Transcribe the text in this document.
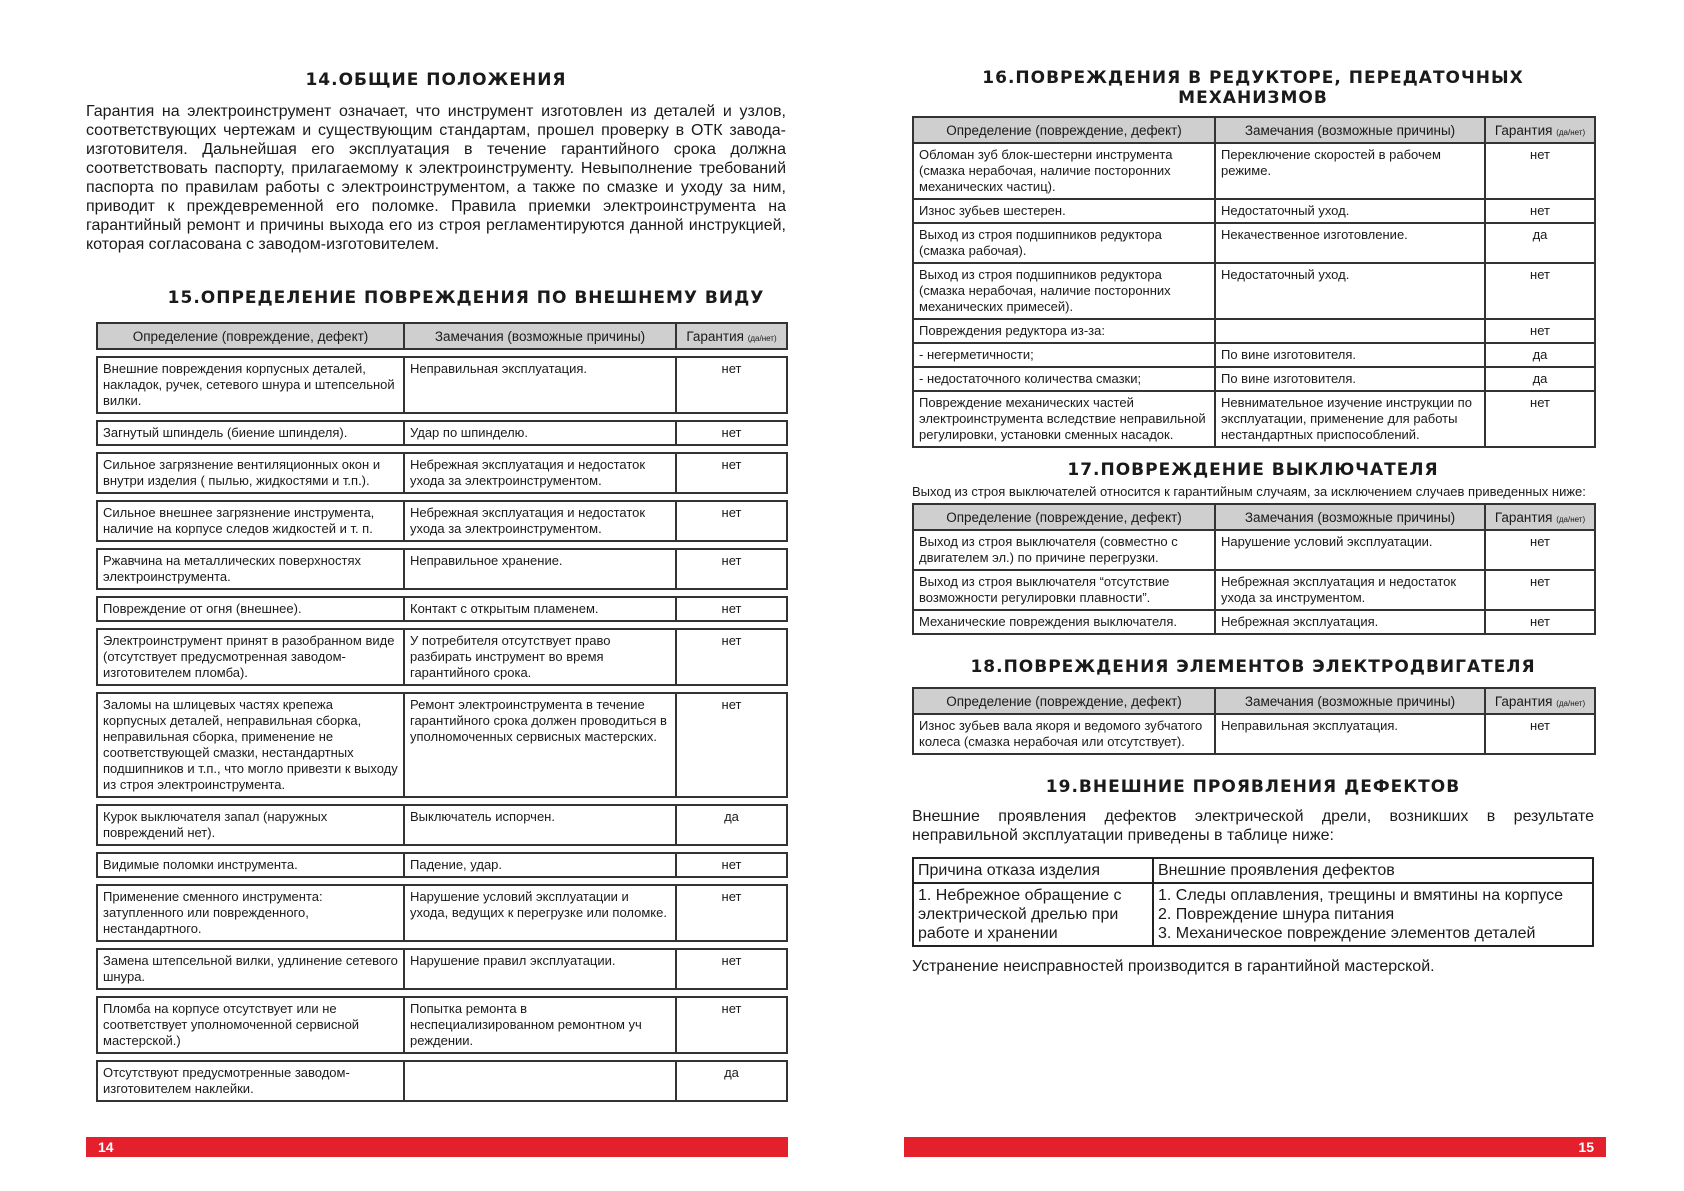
14.ОБЩИЕ ПОЛОЖЕНИЯ

Гарантия на электроинструмент означает, что инструмент изготовлен из деталей и узлов, соответствующих чертежам и существующим стандартам, прошел проверку в ОТК завода-изготовителя. Дальнейшая его эксплуатация в течение гарантийного срока должна соответствовать паспорту, прилагаемому к электроинструменту. Невыполнение требований паспорта по правилам работы с электроинструментом, а также по смазке и уходу за ним, приводит к преждевременной его поломке. Правила приемки электроинструмента на гарантийный ремонт и причины выхода его из строя регламентируются данной инструкцией, которая согласована с заводом-изготовителем.

15.ОПРЕДЕЛЕНИЕ ПОВРЕЖДЕНИЯ ПО ВНЕШНЕМУ ВИДУ
Определение (повреждение, дефект)	Замечания (возможные причины)	Гарантия (да/нет)

Внешние повреждения корпусных деталей, накладок, ручек, сетевого шнура и штепсельной вилки.	Неправильная эксплуатация.	нет

Загнутый шпиндель (биение шпинделя).	Удар по шпинделю.	нет

Сильное загрязнение вентиляционных окон и внутри изделия ( пылью, жидкостями и т.п.).	Небрежная эксплуатация и недостаток ухода за электроинструментом.	нет

Сильное внешнее загрязнение инструмента, наличие на корпусе следов жидкостей и т. п.	Небрежная эксплуатация и недостаток ухода за электроинструментом.	нет

Ржавчина на металлических поверхностях электроинструмента.	Неправильное хранение.	нет

Повреждение от огня (внешнее).	Контакт с открытым пламенем.	нет

Электроинструмент принят в разобранном виде (отсутствует предусмотренная заводом-изготовителем пломба).	У потребителя отсутствует право разбирать инструмент во время гарантийного срока.	нет

Заломы на шлицевых частях крепежа корпусных деталей, неправильная сборка, неправильная сборка, применение не соответствующей смазки, нестандартных подшипников и т.п., что могло привезти к выходу из строя электроинструмента.	Ремонт электроинструмента в течение гарантийного срока должен проводиться в уполномоченных сервисных мастерских.	нет

Курок выключателя запал (наружных повреждений нет).	Выключатель испорчен.	да

Видимые поломки инструмента.	Падение, удар.	нет

Применение сменного инструмента: затупленного или поврежденного, нестандартного.	Нарушение условий эксплуатации и ухода, ведущих к перегрузке или поломке.	нет

Замена штепсельной вилки, удлинение сетевого шнура.	Нарушение правил эксплуатации.	нет

Пломба на корпусе отсутствует или не соответствует уполномоченной сервисной мастерской.)	Попытка ремонта в неспециализированном ремонтном уч реждении.	нет

Отсутствуют предусмотренные заводом-изготовителем наклейки.		да
16.ПОВРЕЖДЕНИЯ В РЕДУКТОРЕ, ПЕРЕДАТОЧНЫХ МЕХАНИЗМОВ
Определение (повреждение, дефект)	Замечания (возможные причины)	Гарантия (да/нет)
Обломан зуб блок-шестерни инструмента (смазка нерабочая, наличие посторонних механических частиц).	Переключение скоростей в рабочем режиме.	нет
Износ зубьев шестерен.	Недостаточный уход.	нет
Выход из строя подшипников редуктора (смазка рабочая).	Некачественное изготовление.	да
Выход из строя подшипников редуктора (смазка нерабочая, наличие посторонних механических примесей).	Недостаточный уход.	нет
Повреждения редуктора из-за:		нет
- негерметичности;	По вине изготовителя.	да
- недостаточного количества смазки;	По вине изготовителя.	да
Повреждение механических частей электроинструмента вследствие неправильной регулировки, установки сменных насадок.	Невнимательное изучение инструкции по эксплуатации, применение для работы нестандартных приспособлений.	нет
17.ПОВРЕЖДЕНИЕ ВЫКЛЮЧАТЕЛЯ

Выход из строя выключателей относится к гарантийным случаям, за исключением случаев приведенных ниже:

Определение (повреждение, дефект)	Замечания (возможные причины)	Гарантия (да/нет)
Выход из строя выключателя (совместно с двигателем эл.) по причине перегрузки.	Нарушение условий эксплуатации.	нет
Выход из строя выключателя “отсутствие возможности регулировки плавности”.	Небрежная эксплуатация и недостаток ухода за инструментом.	нет
Механические повреждения выключателя.	Небрежная эксплуатация.	нет
18.ПОВРЕЖДЕНИЯ ЭЛЕМЕНТОВ ЭЛЕКТРОДВИГАТЕЛЯ
Определение (повреждение, дефект)	Замечания (возможные причины)	Гарантия (да/нет)
Износ зубьев вала якоря и ведомого зубчатого колеса (смазка нерабочая или отсутствует).	Неправильная эксплуатация.	нет
19.ВНЕШНИЕ ПРОЯВЛЕНИЯ ДЕФЕКТОВ

Внешние проявления дефектов электрической дрели, возникших в результате неправильной эксплуатации приведены в таблице ниже:

Причина отказа изделия	Внешние проявления дефектов
1. Небрежное обращение с электрической дрелью при работе и хранении	1. Следы оплавления, трещины и вмятины на корпусе
2. Повреждение шнура питания
3. Механическое повреждение элементов деталей

Устранение неисправностей производится в гарантийной мастерской.

14	15
